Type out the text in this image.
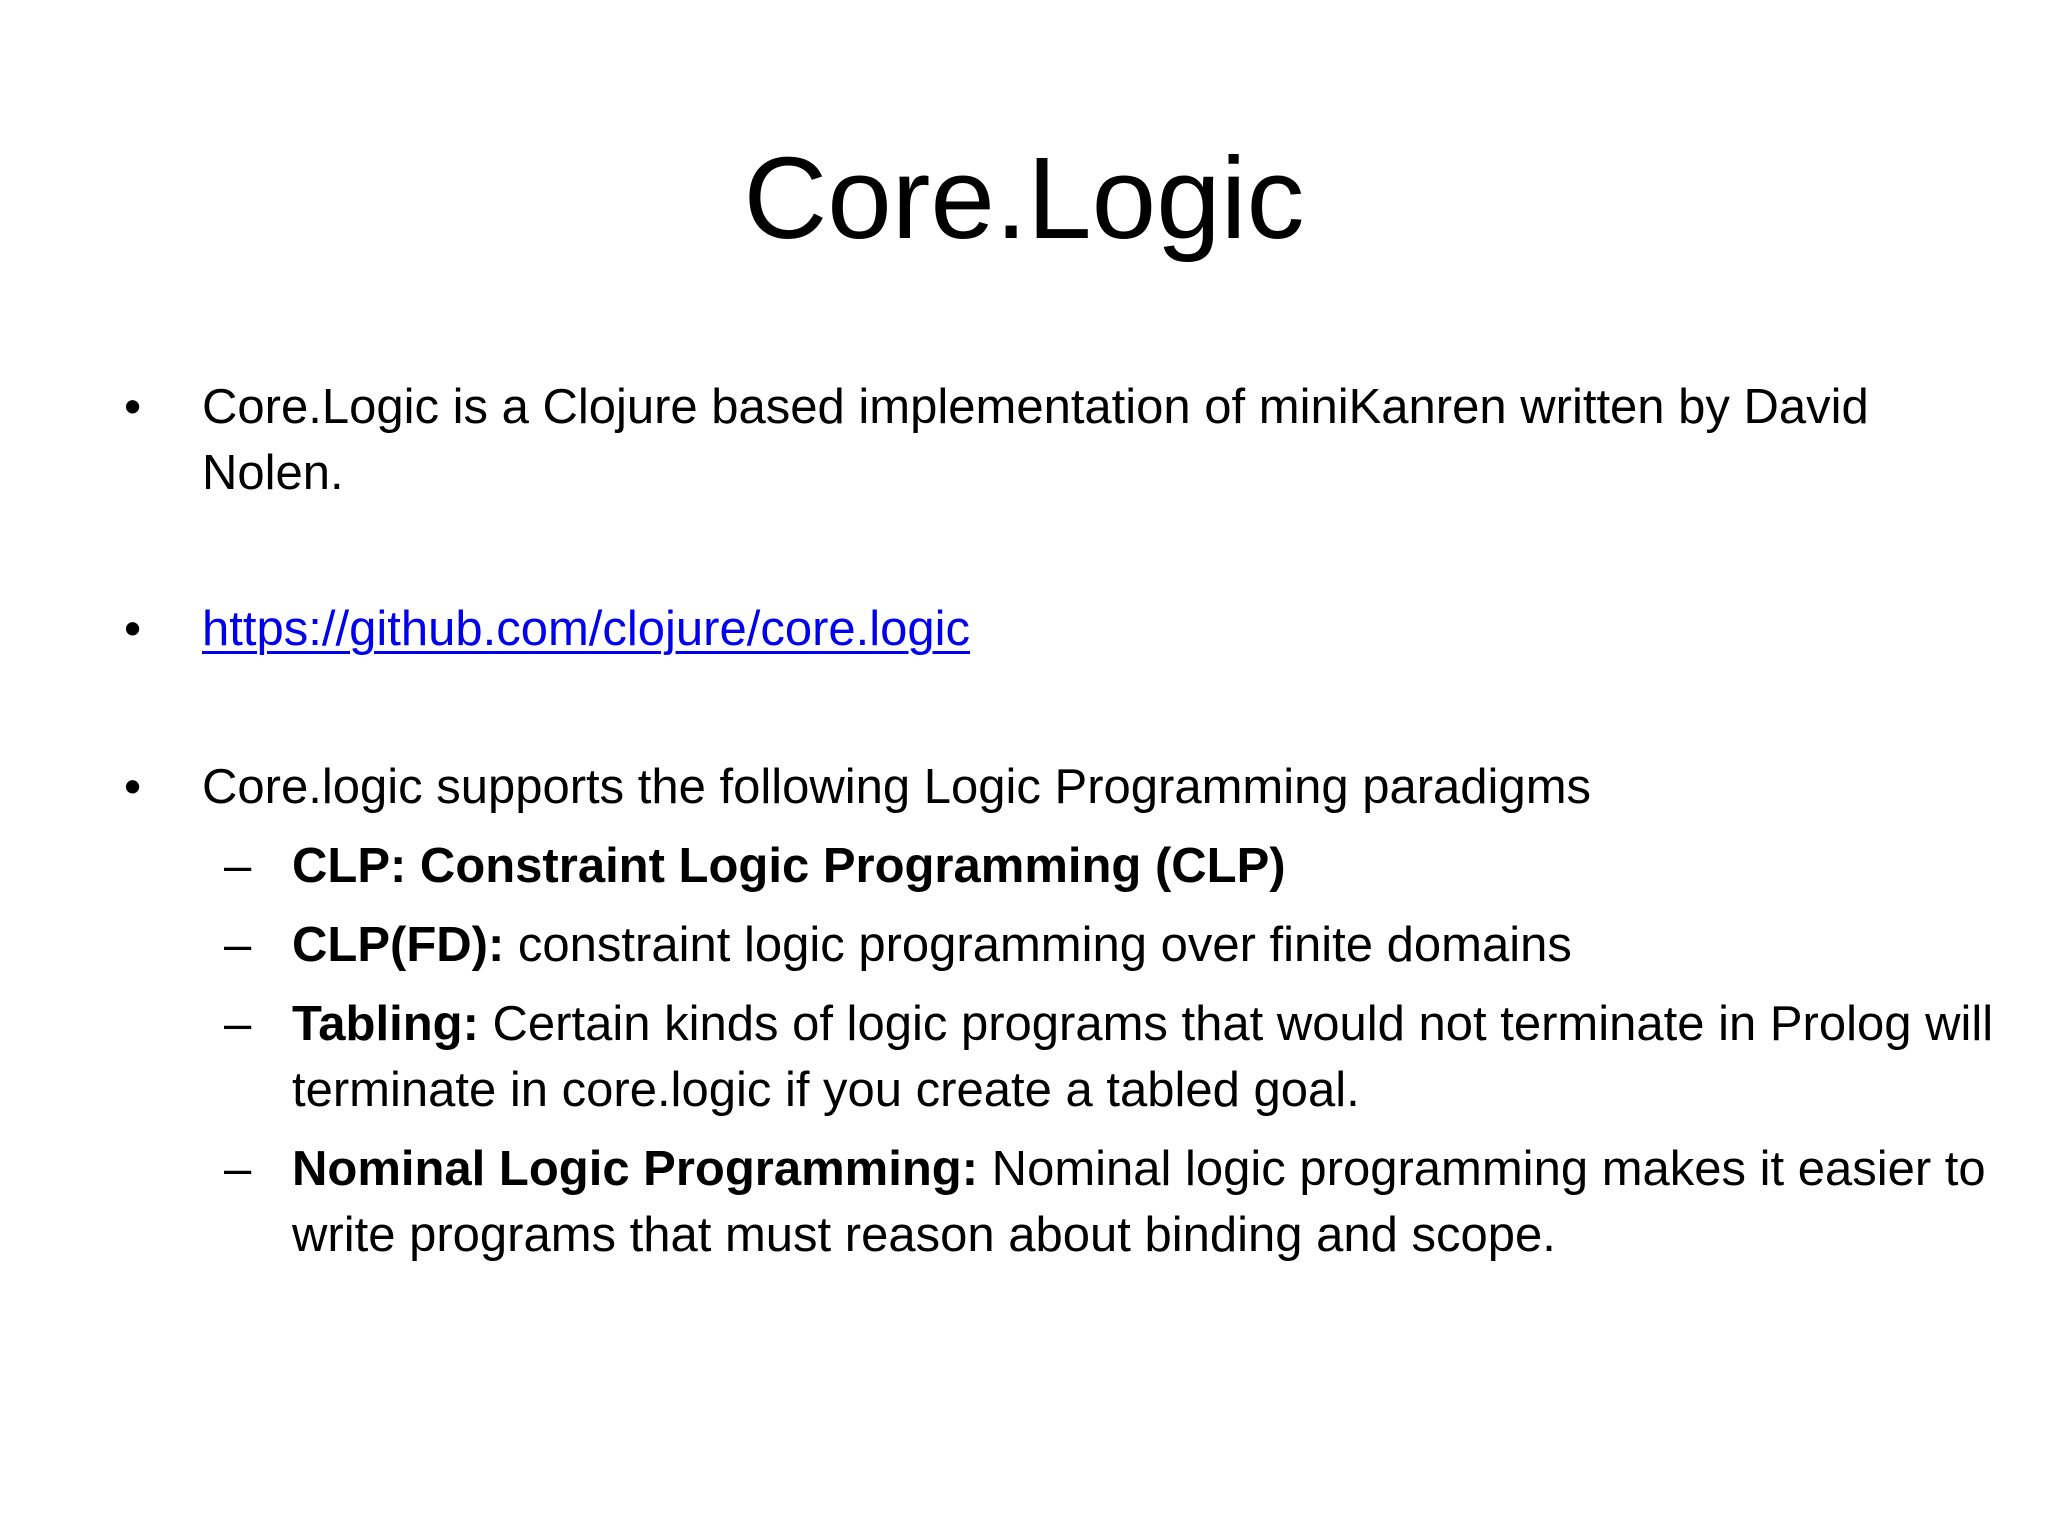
Core.Logic
• Core.Logic is a Clojure based implementation of miniKanren written by David Nolen.
• https://github.com/clojure/core.logic
• Core.logic supports the following Logic Programming paradigms
– CLP: Constraint Logic Programming (CLP)
– CLP(FD): constraint logic programming over finite domains
– Tabling: Certain kinds of logic programs that would not terminate in Prolog will terminate in core.logic if you create a tabled goal.
– Nominal Logic Programming: Nominal logic programming makes it easier to write programs that must reason about binding and scope.
